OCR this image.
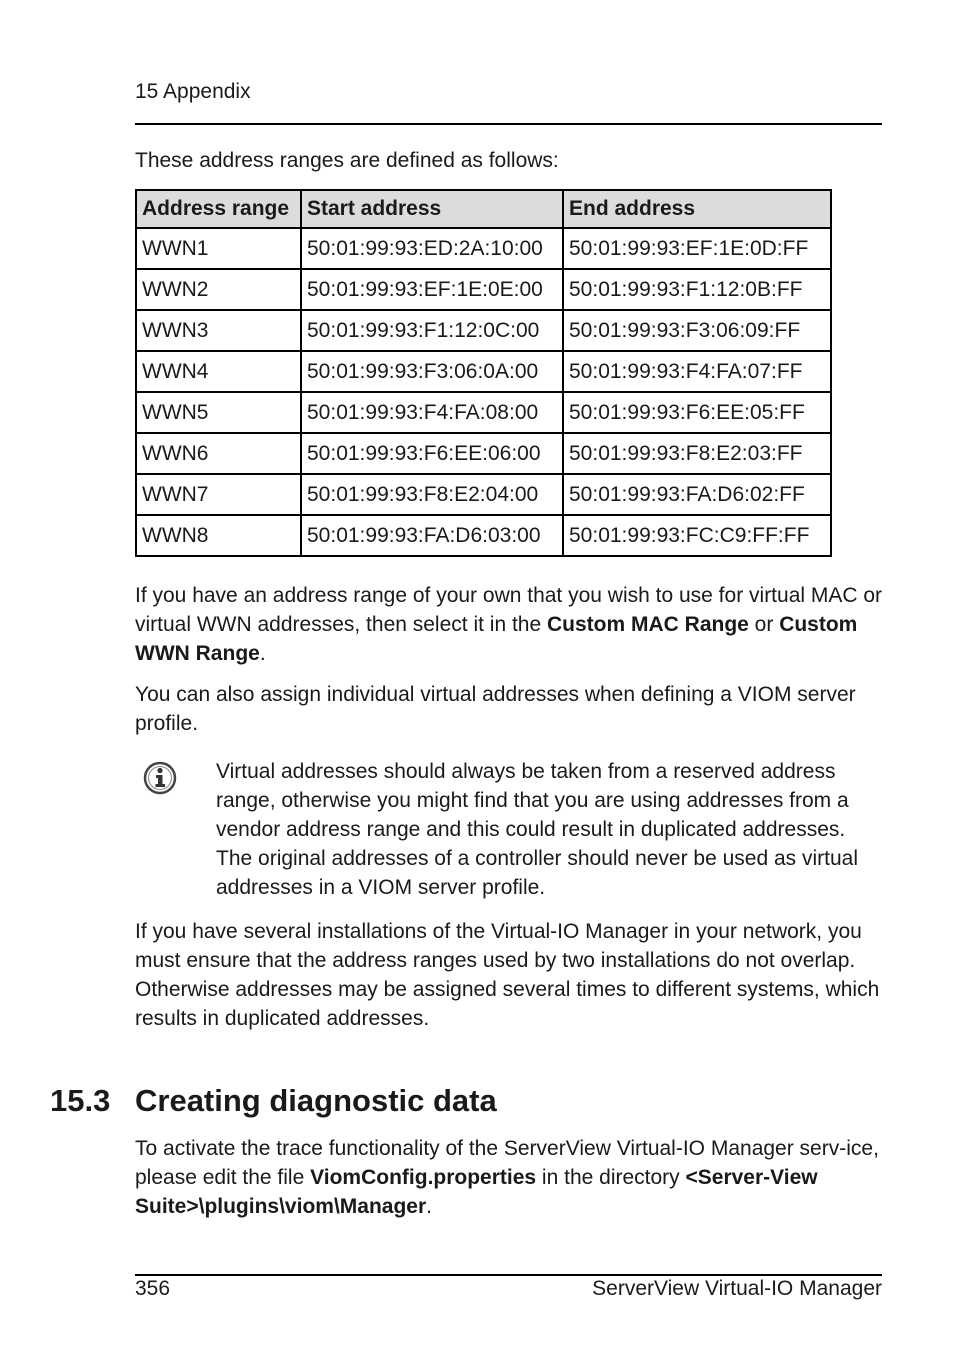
15 Appendix
These address ranges are defined as follows:
Address range	Start address	End address
WWN1	50:01:99:93:ED:2A:10:00	50:01:99:93:EF:1E:0D:FF
WWN2	50:01:99:93:EF:1E:0E:00	50:01:99:93:F1:12:0B:FF
WWN3	50:01:99:93:F1:12:0C:00	50:01:99:93:F3:06:09:FF
WWN4	50:01:99:93:F3:06:0A:00	50:01:99:93:F4:FA:07:FF
WWN5	50:01:99:93:F4:FA:08:00	50:01:99:93:F6:EE:05:FF
WWN6	50:01:99:93:F6:EE:06:00	50:01:99:93:F8:E2:03:FF
WWN7	50:01:99:93:F8:E2:04:00	50:01:99:93:FA:D6:02:FF
WWN8	50:01:99:93:FA:D6:03:00	50:01:99:93:FC:C9:FF:FF
If you have an address range of your own that you wish to use for virtual MAC or virtual WWN addresses, then select it in the Custom MAC Range or Custom WWN Range.
You can also assign individual virtual addresses when defining a VIOM server profile.
Virtual addresses should always be taken from a reserved address range, otherwise you might find that you are using addresses from a vendor address range and this could result in duplicated addresses. The original addresses of a controller should never be used as virtual addresses in a VIOM server profile.
If you have several installations of the Virtual-IO Manager in your network, you must ensure that the address ranges used by two installations do not overlap. Otherwise addresses may be assigned several times to different systems, which results in duplicated addresses.
15.3 Creating diagnostic data
To activate the trace functionality of the ServerView Virtual-IO Manager serv-ice, please edit the file ViomConfig.properties in the directory <Server-View Suite>\plugins\viom\Manager.
356	ServerView Virtual-IO Manager
